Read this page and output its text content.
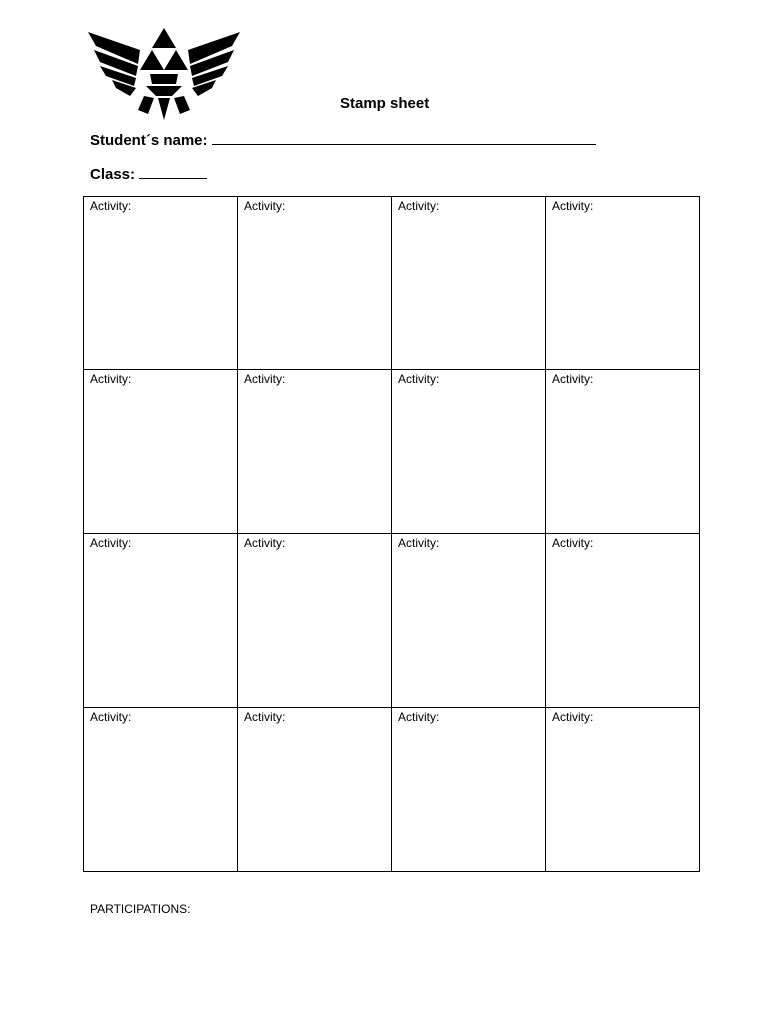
Stamp sheet
Student´s name:
Class:
Activity:	Activity:	Activity:	Activity:
Activity:	Activity:	Activity:	Activity:
Activity:	Activity:	Activity:	Activity:
Activity:	Activity:	Activity:	Activity:
PARTICIPATIONS:
